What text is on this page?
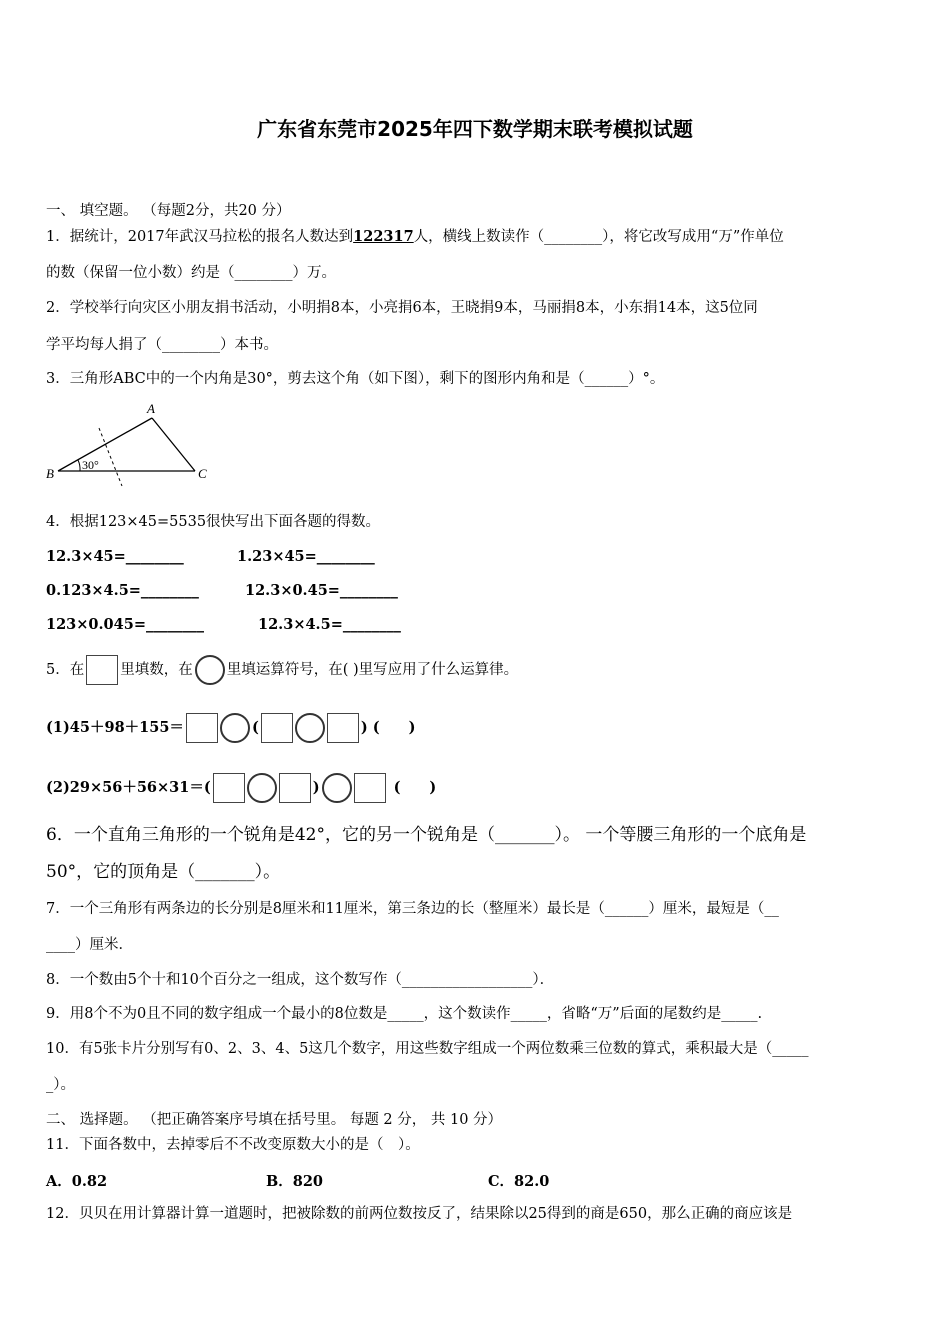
广东省东莞市2025年四下数学期末联考模拟试题
一、 填空题。 （每题2分，共20 分）
1．据统计，2017年武汉马拉松的报名人数达到122317人，横线上数读作（________），将它改写成用“万”作单位
的数（保留一位小数）约是（________）万。
2．学校举行向灾区小朋友捐书活动，小明捐8本，小亮捐6本，王晓捐9本，马丽捐8本，小东捐14本，这5位同
学平均每人捐了（________）本书。
3．三角形ABC中的一个内角是30°，剪去这个角（如下图），剩下的图形内角和是（______）°。
A
B	C
30°
4．根据123×45=5535很快写出下面各题的得数。
12.3×45=________	1.23×45=________
0.123×4.5=________	12.3×0.45=________
123×0.045=________	12.3×4.5=________
5．在 里填数，在 里填运算符号，在( )里写应用了什么运算律。
(1)45＋98＋155＝	(	) (　　)
(2)29×56＋56×31＝(	)	(　　)
6．一个直角三角形的一个锐角是42°，它的另一个锐角是（_______）。 一个等腰三角形的一个底角是
50°，它的顶角是（_______）。
7．一个三角形有两条边的长分别是8厘米和11厘米，第三条边的长（整厘米）最长是（______）厘米，最短是（__
____）厘米．
8．一个数由5个十和10个百分之一组成，这个数写作（__________________）．
9．用8个不为0且不同的数字组成一个最小的8位数是_____，这个数读作_____，省略“万”后面的尾数约是_____.
10．有5张卡片分别写有0、2、3、4、5这几个数字，用这些数字组成一个两位数乘三位数的算式，乘积最大是（_____
_）。
二、 选择题。 （把正确答案序号填在括号里。 每题 2 分， 共 10 分）
11．下面各数中，去掉零后不不改变原数大小的是（　）。
A．0.82	B．820	C．82.0
12．贝贝在用计算器计算一道题时，把被除数的前两位数按反了，结果除以25得到的商是650，那么正确的商应该是
